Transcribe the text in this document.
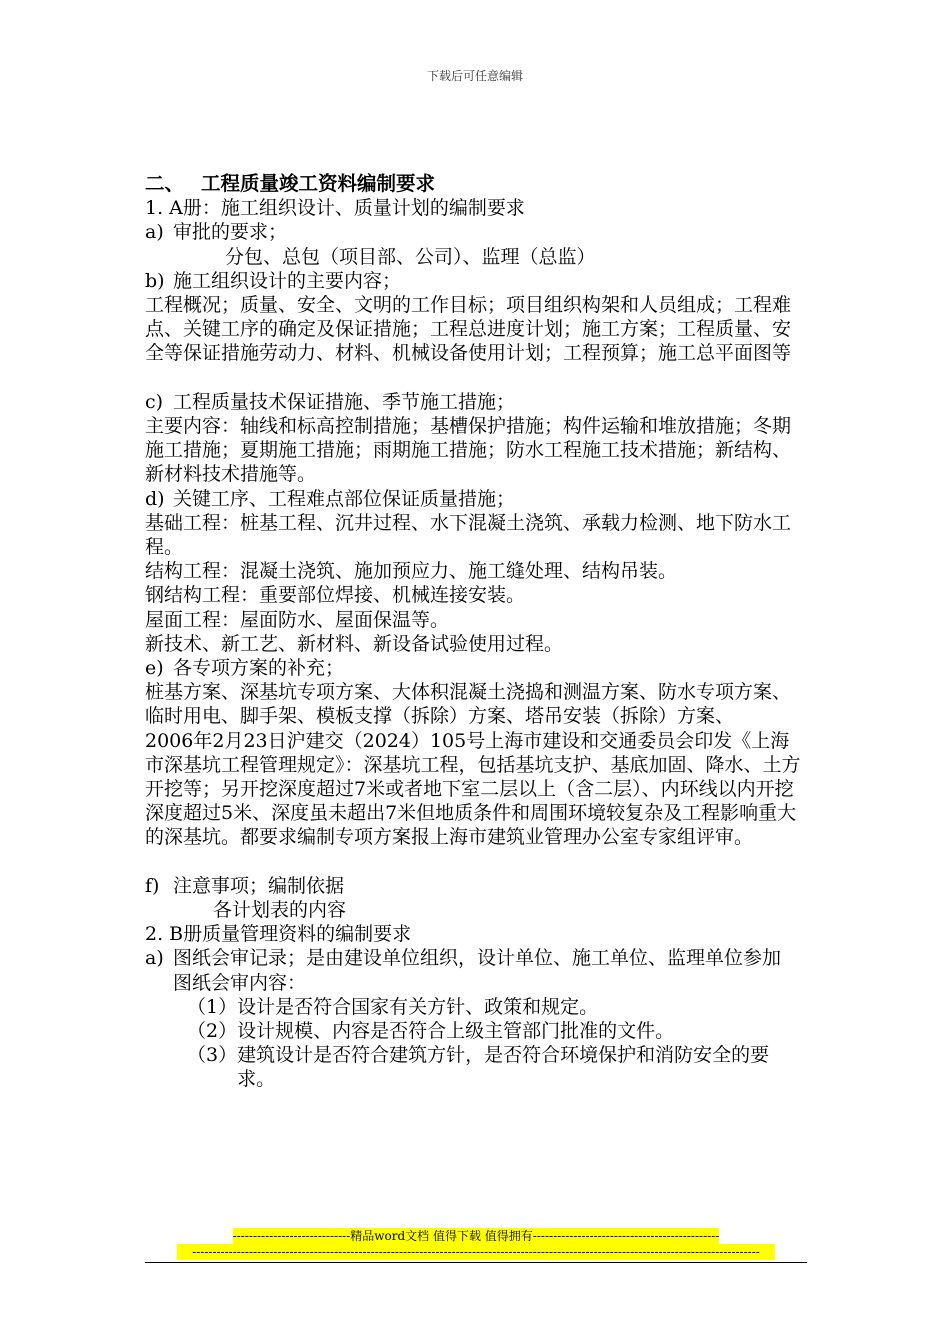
下载后可任意编辑

二、 工程质量竣工资料编制要求

1. A册：施工组织设计、质量计划的编制要求

a) 审批的要求；

分包、总包（项目部、公司）、监理（总监）

b) 施工组织设计的主要内容；

工程概况；质量、安全、文明的工作目标；项目组织构架和人员组成；工程难点、关键工序的确定及保证措施；工程总进度计划；施工方案；工程质量、安全等保证措施劳动力、材料、机械设备使用计划；工程预算；施工总平面图等

c) 工程质量技术保证措施、季节施工措施；

主要内容：轴线和标高控制措施；基槽保护措施；构件运输和堆放措施；冬期施工措施；夏期施工措施；雨期施工措施；防水工程施工技术措施；新结构、新材料技术措施等。

d) 关键工序、工程难点部位保证质量措施；

基础工程：桩基工程、沉井过程、水下混凝土浇筑、承载力检测、地下防水工程。

结构工程：混凝土浇筑、施加预应力、施工缝处理、结构吊装。

钢结构工程：重要部位焊接、机械连接安装。

屋面工程：屋面防水、屋面保温等。

新技术、新工艺、新材料、新设备试验使用过程。

e) 各专项方案的补充；

桩基方案、深基坑专项方案、大体积混凝土浇捣和测温方案、防水专项方案、临时用电、脚手架、模板支撑（拆除）方案、塔吊安装（拆除）方案、

2006年2月23日沪建交（2024）105号上海市建设和交通委员会印发《上海市深基坑工程管理规定》：深基坑工程，包括基坑支护、基底加固、降水、土方开挖等；另开挖深度超过7米或者地下室二层以上（含二层）、内环线以内开挖深度超过5米、深度虽未超出7米但地质条件和周围环境较复杂及工程影响重大的深基坑。都要求编制专项方案报上海市建筑业管理办公室专家组评审。

f) 注意事项；编制依据

各计划表的内容

2. B册质量管理资料的编制要求

a) 图纸会审记录；是由建设单位组织，设计单位、施工单位、监理单位参加

图纸会审内容：

（1） 设计是否符合国家有关方针、政策和规定。
（2） 设计规模、内容是否符合上级主管部门批准的文件。
（3） 建筑设计是否符合建筑方针，是否符合环境保护和消防安全的要求。
-----------------------------精品word文档 值得下载 值得拥有----------------------------------------------
--------------------------------------------------------------------------------------------------------------------------------------------
